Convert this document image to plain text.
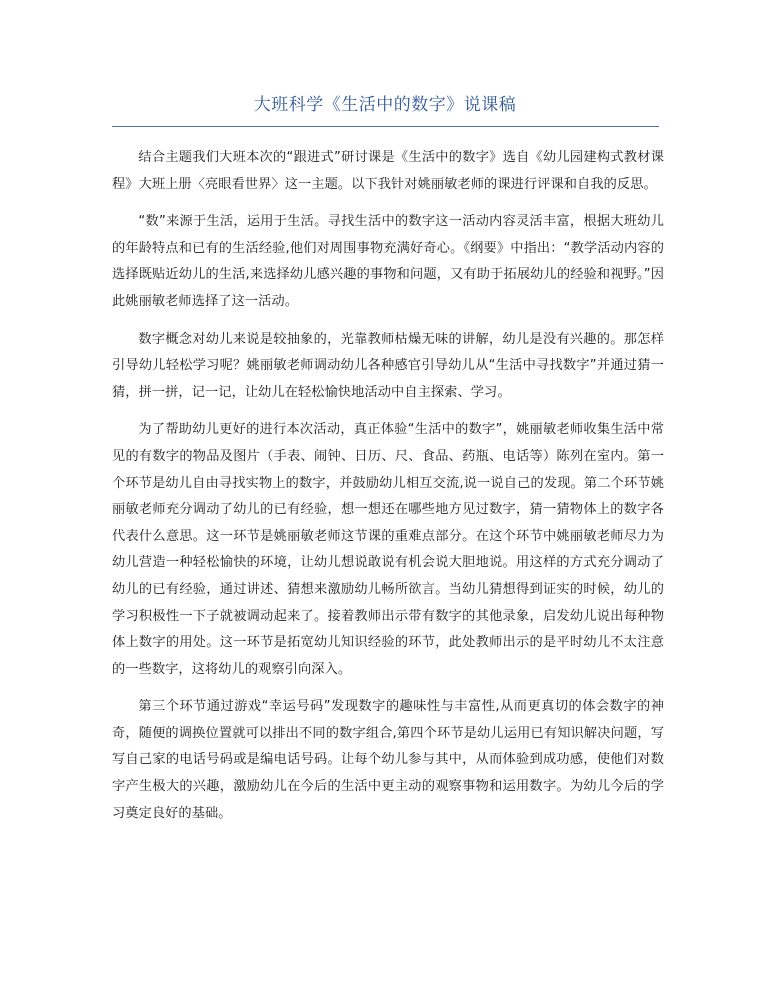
大班科学《生活中的数字》说课稿

结合主题我们大班本次的“跟进式”研讨课是《生活中的数字》选自《幼儿园建构式教材课程》大班上册〈亮眼看世界〉这一主题。以下我针对姚丽敏老师的课进行评课和自我的反思。

“数”来源于生活，运用于生活。寻找生活中的数字这一活动内容灵活丰富，根据大班幼儿的年龄特点和已有的生活经验,他们对周围事物充满好奇心。《纲要》中指出：“教学活动内容的选择既贴近幼儿的生活,来选择幼儿感兴趣的事物和问题，又有助于拓展幼儿的经验和视野。”因此姚丽敏老师选择了这一活动。

数字概念对幼儿来说是较抽象的，光靠教师枯燥无味的讲解，幼儿是没有兴趣的。那怎样引导幼儿轻松学习呢？姚丽敏老师调动幼儿各种感官引导幼儿从“生活中寻找数字”并通过猜一猜，拼一拼，记一记，让幼儿在轻松愉快地活动中自主探索、学习。

为了帮助幼儿更好的进行本次活动，真正体验“生活中的数字”，姚丽敏老师收集生活中常见的有数字的物品及图片（手表、闹钟、日历、尺、食品、药瓶、电话等）陈列在室内。第一个环节是幼儿自由寻找实物上的数字，并鼓励幼儿相互交流,说一说自己的发现。第二个环节姚丽敏老师充分调动了幼儿的已有经验，想一想还在哪些地方见过数字，猜一猜物体上的数字各代表什么意思。这一环节是姚丽敏老师这节课的重难点部分。在这个环节中姚丽敏老师尽力为幼儿营造一种轻松愉快的环境，让幼儿想说敢说有机会说大胆地说。用这样的方式充分调动了幼儿的已有经验，通过讲述、猜想来激励幼儿畅所欲言。当幼儿猜想得到证实的时候，幼儿的学习积极性一下子就被调动起来了。接着教师出示带有数字的其他录象，启发幼儿说出每种物体上数字的用处。这一环节是拓宽幼儿知识经验的环节，此处教师出示的是平时幼儿不太注意的一些数字，这将幼儿的观察引向深入。

第三个环节通过游戏“幸运号码”发现数字的趣味性与丰富性,从而更真切的体会数字的神奇，随便的调换位置就可以排出不同的数字组合,第四个环节是幼儿运用已有知识解决问题，写写自己家的电话号码或是编电话号码。让每个幼儿参与其中，从而体验到成功感，使他们对数字产生极大的兴趣，激励幼儿在今后的生活中更主动的观察事物和运用数字。为幼儿今后的学习奠定良好的基础。
